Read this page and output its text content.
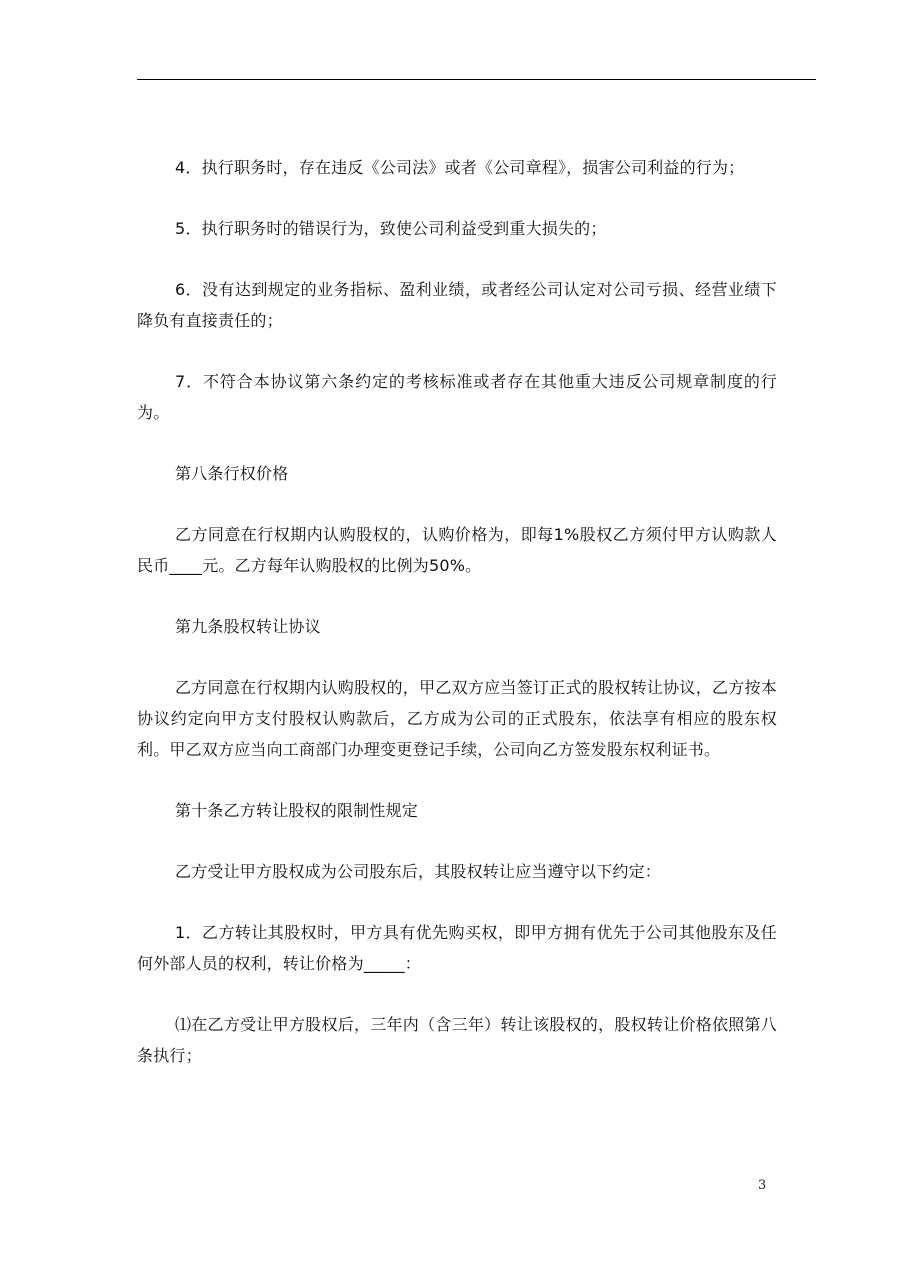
4．执行职务时，存在违反《公司法》或者《公司章程》，损害公司利益的行为；

5．执行职务时的错误行为，致使公司利益受到重大损失的；

6．没有达到规定的业务指标、盈利业绩，或者经公司认定对公司亏损、经营业绩下降负有直接责任的；

7．不符合本协议第六条约定的考核标准或者存在其他重大违反公司规章制度的行为。

第八条行权价格

乙方同意在行权期内认购股权的，认购价格为，即每1%股权乙方须付甲方认购款人民币____元。乙方每年认购股权的比例为50%。

第九条股权转让协议

乙方同意在行权期内认购股权的，甲乙双方应当签订正式的股权转让协议，乙方按本协议约定向甲方支付股权认购款后，乙方成为公司的正式股东，依法享有相应的股东权利。甲乙双方应当向工商部门办理变更登记手续，公司向乙方签发股东权利证书。

第十条乙方转让股权的限制性规定

乙方受让甲方股权成为公司股东后，其股权转让应当遵守以下约定：

1．乙方转让其股权时，甲方具有优先购买权，即甲方拥有优先于公司其他股东及任何外部人员的权利，转让价格为_____：

⑴在乙方受让甲方股权后，三年内（含三年）转让该股权的，股权转让价格依照第八条执行；

3
